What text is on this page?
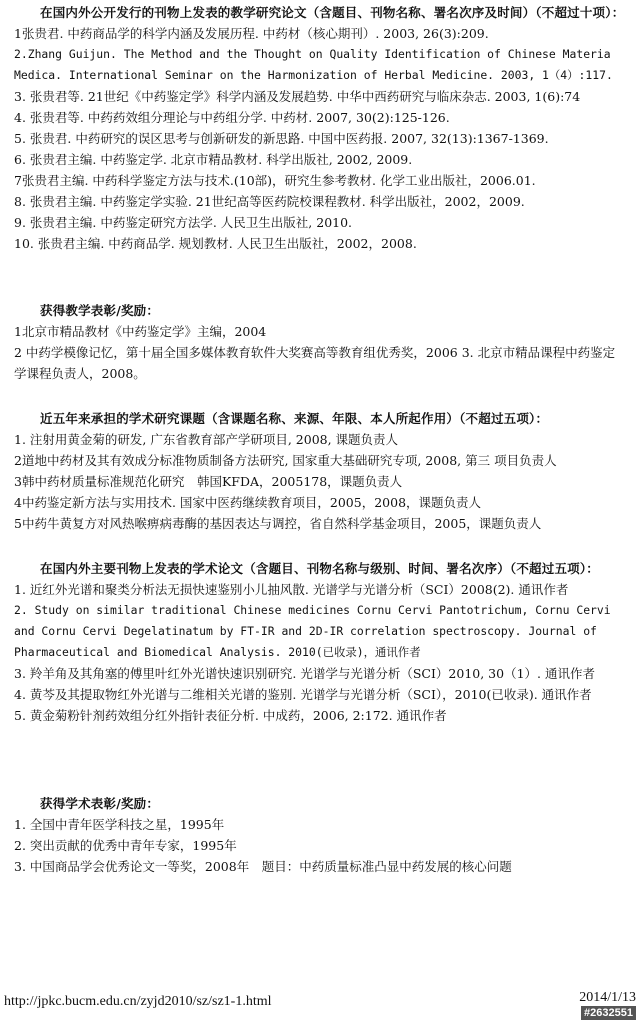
在国内外公开发行的刊物上发表的教学研究论文（含题目、刊物名称、署名次序及时间）（不超过十项）：
1张贵君. 中药商品学的科学内涵及发展历程. 中药材（核心期刊）. 2003, 26(3):209.
2.Zhang Guijun. The Method and the Thought on Quality Identification of Chinese Materia Medica. International Seminar on the Harmonization of Herbal Medicine. 2003, 1（4）:117.
3. 张贵君等. 21世纪《中药鉴定学》科学内涵及发展趋势. 中华中西药研究与临床杂志. 2003, 1(6):74
4. 张贵君等. 中药药效组分理论与中药组分学. 中药材. 2007, 30(2):125-126.
5. 张贵君. 中药研究的误区思考与创新研发的新思路. 中国中医药报. 2007, 32(13):1367-1369.
6. 张贵君主编. 中药鉴定学. 北京市精品教材. 科学出版社, 2002, 2009.
7张贵君主编. 中药科学鉴定方法与技术.(10部)，研究生参考教材. 化学工业出版社，2006.01.
8. 张贵君主编. 中药鉴定学实验. 21世纪高等医药院校课程教材. 科学出版社，2002，2009.
9. 张贵君主编. 中药鉴定研究方法学. 人民卫生出版社, 2010.
10. 张贵君主编. 中药商品学. 规划教材. 人民卫生出版社，2002，2008.
获得教学表彰/奖励：
1北京市精品教材《中药鉴定学》主编，2004
2 中药学模像记忆，第十届全国多媒体教育软件大奖赛高等教育组优秀奖，2006 3. 北京市精品课程中药鉴定学课程负责人，2008。
近五年来承担的学术研究课题（含课题名称、来源、年限、本人所起作用）（不超过五项）：
1. 注射用黄金菊的研发, 广东省教育部产学研项目, 2008, 课题负责人
2道地中药材及其有效成分标准物质制备方法研究, 国家重大基础研究专项, 2008, 第三 项目负责人
3韩中药材质量标准规范化研究　韩国KFDA，2005178，课题负责人
4中药鉴定新方法与实用技术. 国家中医药继续教育项目，2005，2008，课题负责人
5中药牛黄复方对风热喉痹病毒酶的基因表达与调控，省自然科学基金项目，2005，课题负责人
在国内外主要刊物上发表的学术论文（含题目、刊物名称与级别、时间、署名次序）（不超过五项）：
1. 近红外光谱和聚类分析法无损快速鉴别小儿抽风散. 光谱学与光谱分析（SCI）2008(2). 通讯作者
2. Study on similar traditional Chinese medicines Cornu Cervi Pantotrichum, Cornu Cervi and Cornu Cervi Degelatinatum by FT-IR and 2D-IR correlation spectroscopy. Journal of Pharmaceutical and Biomedical Analysis. 2010(已收录)，通讯作者
3. 羚羊角及其角塞的傅里叶红外光谱快速识别研究. 光谱学与光谱分析（SCI）2010, 30（1）. 通讯作者
4. 黄芩及其提取物红外光谱与二维相关光谱的鉴别. 光谱学与光谱分析（SCI），2010(已收录). 通讯作者
5. 黄金菊粉针剂药效组分红外指针表征分析. 中成药，2006, 2:172. 通讯作者
获得学术表彰/奖励：
1. 全国中青年医学科技之星，1995年
2. 突出贡献的优秀中青年专家，1995年
3. 中国商品学会优秀论文一等奖，2008年　题目：中药质量标准凸显中药发展的核心问题
http://jpkc.bucm.edu.cn/zyjd2010/sz/sz1-1.html	2014/1/13
#2632551
